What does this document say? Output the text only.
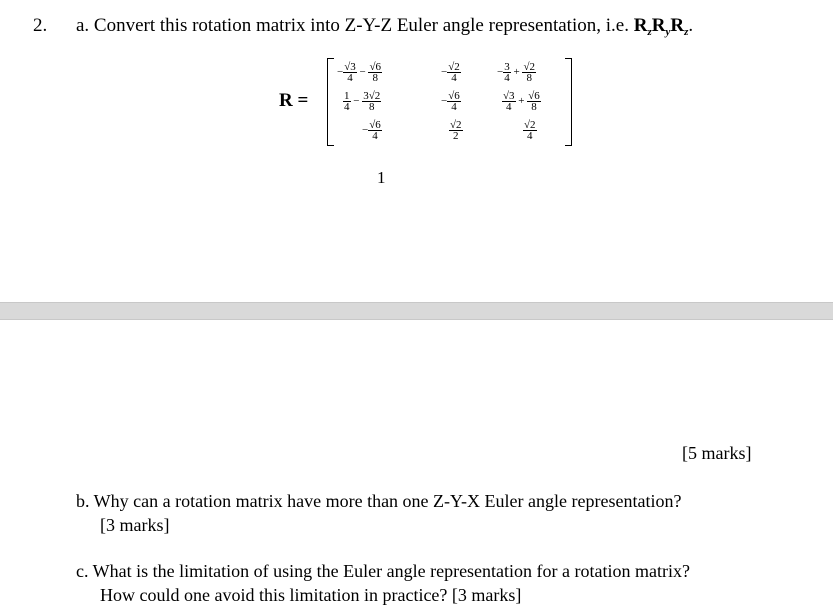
2. a. Convert this rotation matrix into Z-Y-Z Euler angle representation, i.e. $R_zR_yR_z$.
R =
− $\frac{√3}{4} - \frac{√6}{8}$	− $\frac{√2}{4}$	− $\frac{3}{4} + \frac{√2}{8}$
$\frac{1}{4} - \frac{3√2}{8}$	− $\frac{√6}{4}$	$\frac{√3}{4} + \frac{√6}{8}$
− $\frac{√6}{4}$	$\frac{√2}{2}$	$\frac{√2}{4}$
1
[5 marks]
b. Why can a rotation matrix have more than one Z-Y-X Euler angle representation?
[3 marks]
c. What is the limitation of using the Euler angle representation for a rotation matrix?
How could one avoid this limitation in practice? [3 marks]
